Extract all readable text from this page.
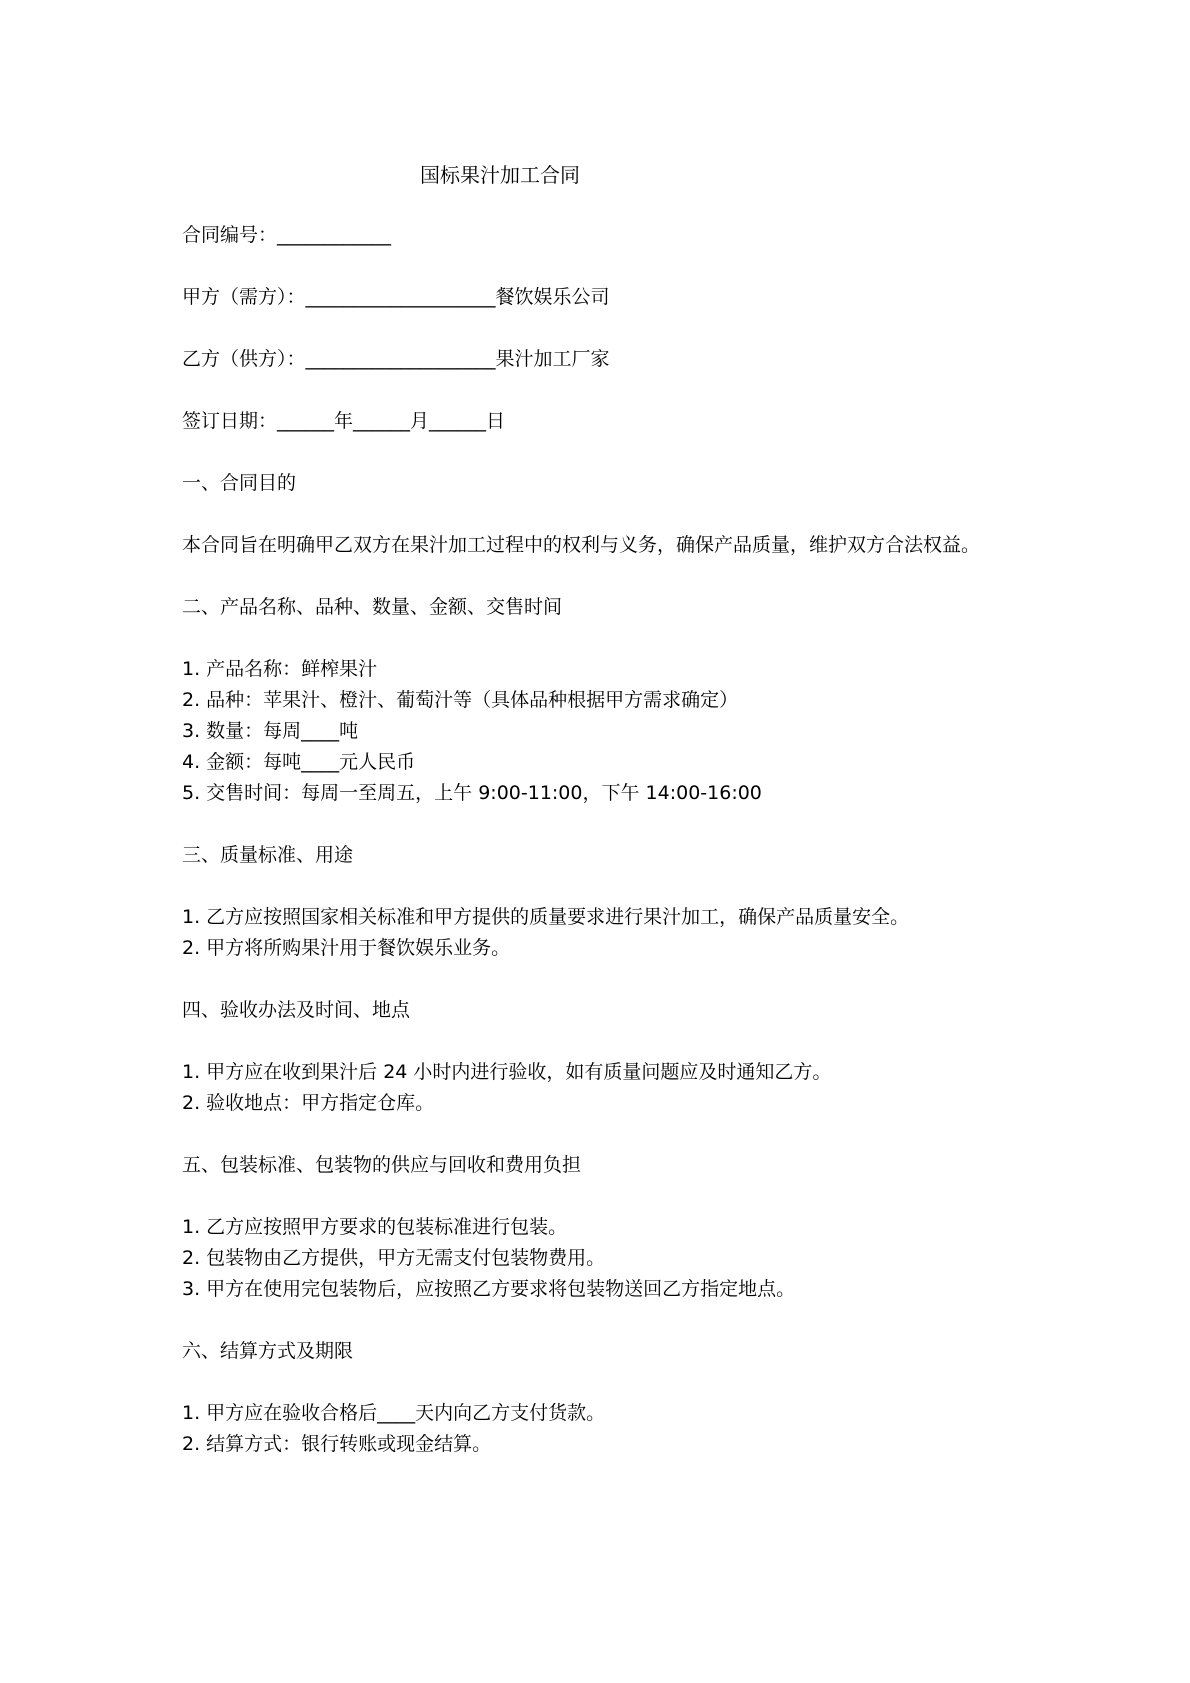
国标果汁加工合同

合同编号：____________

甲方（需方）：____________________餐饮娱乐公司

乙方（供方）：____________________果汁加工厂家

签订日期：______年______月______日

一、合同目的

本合同旨在明确甲乙双方在果汁加工过程中的权利与义务，确保产品质量，维护双方合法权益。

二、产品名称、品种、数量、金额、交售时间

1. 产品名称：鲜榨果汁

2. 品种：苹果汁、橙汁、葡萄汁等（具体品种根据甲方需求确定）

3. 数量：每周____吨

4. 金额：每吨____元人民币

5. 交售时间：每周一至周五，上午 9:00-11:00，下午 14:00-16:00

三、质量标准、用途

1. 乙方应按照国家相关标准和甲方提供的质量要求进行果汁加工，确保产品质量安全。

2. 甲方将所购果汁用于餐饮娱乐业务。

四、验收办法及时间、地点

1. 甲方应在收到果汁后 24 小时内进行验收，如有质量问题应及时通知乙方。

2. 验收地点：甲方指定仓库。

五、包装标准、包装物的供应与回收和费用负担

1. 乙方应按照甲方要求的包装标准进行包装。

2. 包装物由乙方提供，甲方无需支付包装物费用。

3. 甲方在使用完包装物后，应按照乙方要求将包装物送回乙方指定地点。

六、结算方式及期限

1. 甲方应在验收合格后____天内向乙方支付货款。

2. 结算方式：银行转账或现金结算。
